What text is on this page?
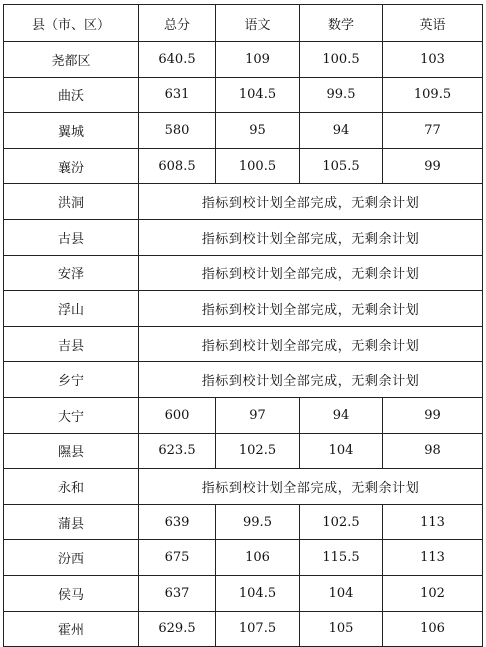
县（市、区）	总分	语文	数学	英语
尧都区	640.5	109	100.5	103
曲沃	631	104.5	99.5	109.5
翼城	580	95	94	77
襄汾	608.5	100.5	105.5	99
洪洞	指标到校计划全部完成，无剩余计划			
古县	指标到校计划全部完成，无剩余计划			
安泽	指标到校计划全部完成，无剩余计划			
浮山	指标到校计划全部完成，无剩余计划			
吉县	指标到校计划全部完成，无剩余计划			
乡宁	指标到校计划全部完成，无剩余计划			
大宁	600	97	94	99
隰县	623.5	102.5	104	98
永和	指标到校计划全部完成，无剩余计划			
蒲县	639	99.5	102.5	113
汾西	675	106	115.5	113
侯马	637	104.5	104	102
霍州	629.5	107.5	105	106
